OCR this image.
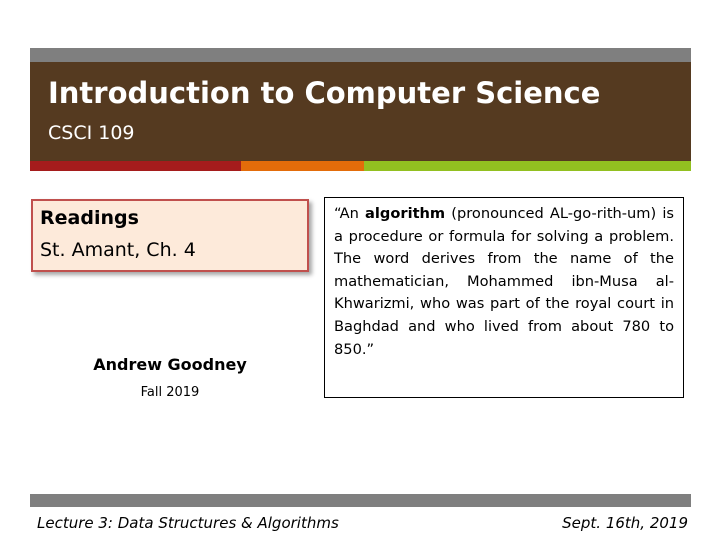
Introduction to Computer Science
CSCI 109
Readings
St. Amant, Ch. 4
Andrew Goodney
Fall 2019
“An algorithm (pronounced AL-go-rith-um) is a procedure or formula for solving a problem. The word derives from the name of the mathematician, Mohammed ibn-Musa al-Khwarizmi, who was part of the royal court in Baghdad and who lived from about 780 to 850.”
Lecture 3: Data Structures & Algorithms	Sept. 16th, 2019
